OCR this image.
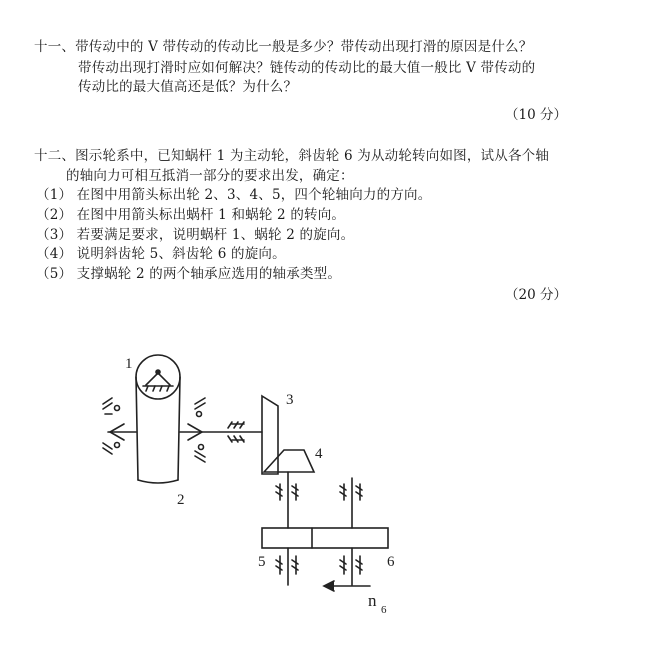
十一、带传动中的 V 带传动的传动比一般是多少？带传动出现打滑的原因是什么？
带传动出现打滑时应如何解决？链传动的传动比的最大值一般比 V 带传动的
传动比的最大值高还是低？为什么？
（10 分）
十二、图示轮系中，已知蜗杆 1 为主动轮，斜齿轮 6 为从动轮转向如图，试从各个轴
的轴向力可相互抵消一部分的要求出发，确定：
（1） 在图中用箭头标出轮 2、3、4、5，四个轮轴向力的方向。
（2） 在图中用箭头标出蜗杆 1 和蜗轮 2 的转向。
（3） 若要满足要求，说明蜗杆 1、蜗轮 2 的旋向。
（4） 说明斜齿轮 5、斜齿轮 6 的旋向。
（5） 支撑蜗轮 2 的两个轴承应选用的轴承类型。
（20 分）
1
2
3
4
5	6
n 6
